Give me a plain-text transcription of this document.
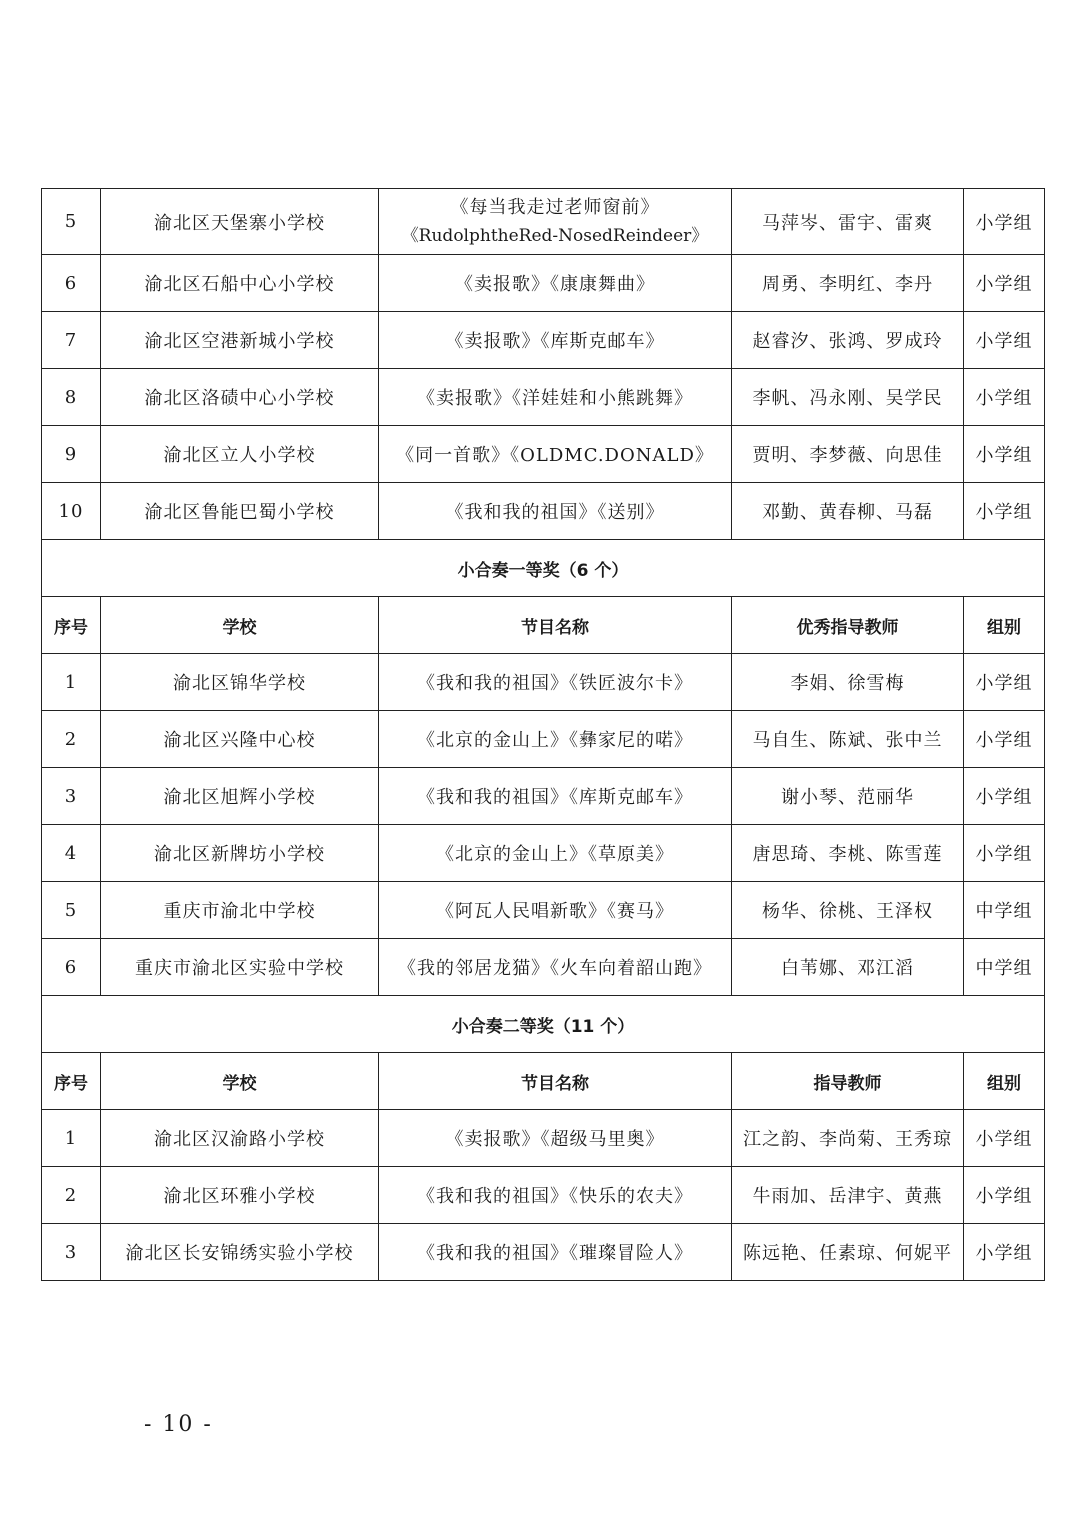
5	渝北区天堡寨小学校	《每当我走过老师窗前》
《RudolphtheRed-NosedReindeer》	马萍岑、雷宇、雷爽	小学组
6	渝北区石船中心小学校	《卖报歌》《康康舞曲》	周勇、李明红、李丹	小学组
7	渝北区空港新城小学校	《卖报歌》《库斯克邮车》	赵睿汐、张鸿、罗成玲	小学组
8	渝北区洛碛中心小学校	《卖报歌》《洋娃娃和小熊跳舞》	李帆、冯永刚、吴学民	小学组
9	渝北区立人小学校	《同一首歌》《OLDMC.DONALD》	贾明、李梦薇、向思佳	小学组
10	渝北区鲁能巴蜀小学校	《我和我的祖国》《送别》	邓勤、黄春柳、马磊	小学组
小合奏一等奖（6 个）				
序号	学校	节目名称	优秀指导教师	组别
1	渝北区锦华学校	《我和我的祖国》《铁匠波尔卡》	李娟、徐雪梅	小学组
2	渝北区兴隆中心校	《北京的金山上》《彝家尼的喏》	马自生、陈斌、张中兰	小学组
3	渝北区旭辉小学校	《我和我的祖国》《库斯克邮车》	谢小琴、范丽华	小学组
4	渝北区新牌坊小学校	《北京的金山上》《草原美》	唐思琦、李桃、陈雪莲	小学组
5	重庆市渝北中学校	《阿瓦人民唱新歌》《赛马》	杨华、徐桃、王泽权	中学组
6	重庆市渝北区实验中学校	《我的邻居龙猫》《火车向着韶山跑》	白苇娜、邓江滔	中学组
小合奏二等奖（11 个）				
序号	学校	节目名称	指导教师	组别
1	渝北区汉渝路小学校	《卖报歌》《超级马里奥》	江之韵、李尚菊、王秀琼	小学组
2	渝北区环雅小学校	《我和我的祖国》《快乐的农夫》	牛雨加、岳津宇、黄燕	小学组
3	渝北区长安锦绣实验小学校	《我和我的祖国》《璀璨冒险人》	陈远艳、任素琼、何妮平	小学组
- 10 -
